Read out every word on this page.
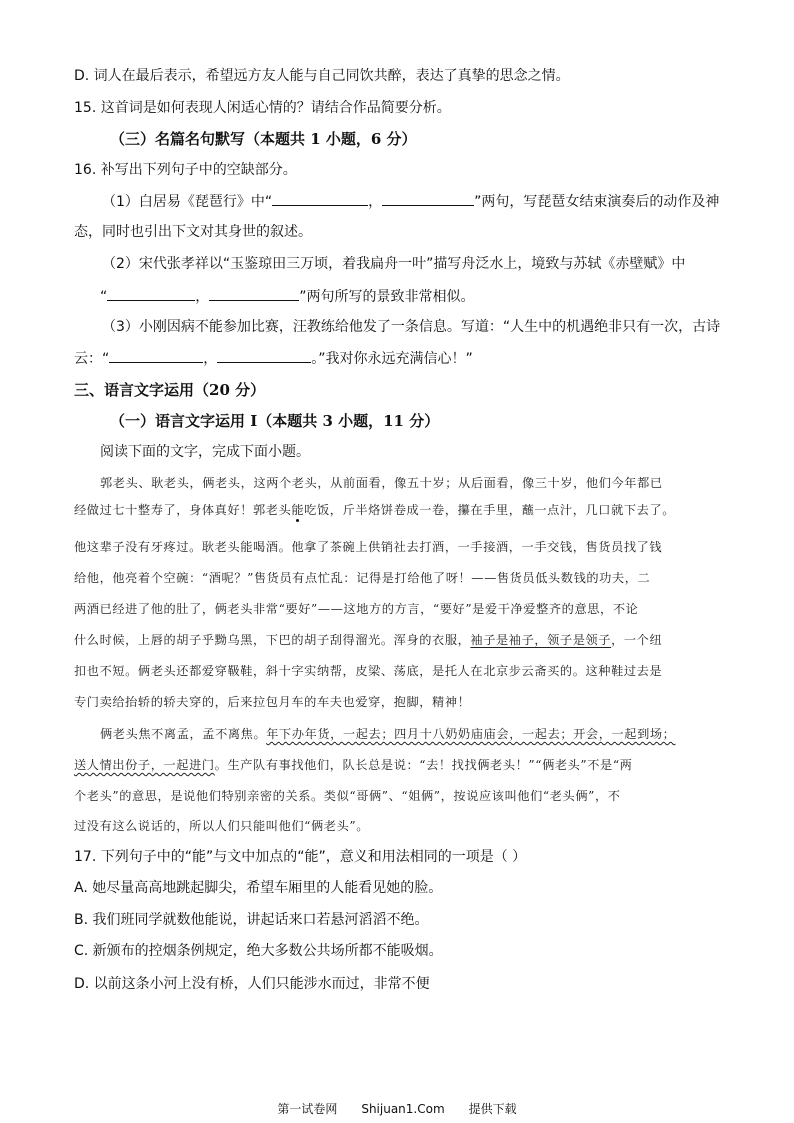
D. 词人在最后表示，希望远方友人能与自己同饮共醉，表达了真挚的思念之情。
15. 这首词是如何表现人闲适心情的？请结合作品简要分析。
（三）名篇名句默写（本题共 1 小题，6 分）
16. 补写出下列句子中的空缺部分。
（1）白居易《琵琶行》中“	，	”两句，写琵琶女结束演奏后的动作及神
态，同时也引出下文对其身世的叙述。
（2）宋代张孝祥以“玉鉴琼田三万顷，着我扁舟一叶”描写舟泛水上，境致与苏轼《赤壁赋》中
“	，	”两句所写的景致非常相似。
（3）小刚因病不能参加比赛，汪教练给他发了一条信息。写道：“人生中的机遇绝非只有一次，古诗
云：“	，	。”我对你永远充满信心！”
三、语言文字运用（20 分）
（一）语言文字运用 I（本题共 3 小题，11 分）
阅读下面的文字，完成下面小题。
郭老头、耿老头，俩老头，这两个老头，从前面看，像五十岁；从后面看，像三十岁，他们今年都已
经做过七十整寿了，身体真好！郭老头能吃饭，斤半烙饼卷成一卷，攥在手里，蘸一点汁，几口就下去了。
他这辈子没有牙疼过。耿老头能喝酒。他拿了茶碗上供销社去打酒，一手接酒，一手交钱，售货员找了钱
给他，他亮着个空碗：“酒呢？”售货员有点忙乱：记得是打给他了呀！——售货员低头数钱的功夫，二
两酒已经进了他的肚了，俩老头非常“要好”——这地方的方言，“要好”是爱干净爱整齐的意思，不论
什么时候，上唇的胡子乎黝乌黑，下巴的胡子刮得溜光。浑身的衣服，袖子是袖子，领子是领子，一个纽
扣也不短。俩老头还都爱穿靸鞋，斜十字实纳帮，皮梁、荡底，是托人在北京步云斋买的。这种鞋过去是
专门卖给抬轿的轿夫穿的，后来拉包月车的车夫也爱穿，抱脚，精神！
俩老头焦不离孟，孟不离焦。年下办年货，一起去；四月十八奶奶庙庙会，一起去；开会，一起到场；
送人情出份子，一起进门。生产队有事找他们，队长总是说：“去！找找俩老头！”“俩老头”不是“两
个老头”的意思，是说他们特别亲密的关系。类似“哥俩”、“姐俩”，按说应该叫他们“老头俩”，不
过没有这么说话的，所以人们只能叫他们“俩老头”。
17. 下列句子中的“能”与文中加点的“能”，意义和用法相同的一项是（ ）
A. 她尽量高高地跳起脚尖，希望车厢里的人能看见她的脸。
B. 我们班同学就数他能说，讲起话来口若悬河滔滔不绝。
C. 新颁布的控烟条例规定，绝大多数公共场所都不能吸烟。
D. 以前这条小河上没有桥，人们只能涉水而过，非常不便
第一试卷网 Shijuan1.Com 提供下载
